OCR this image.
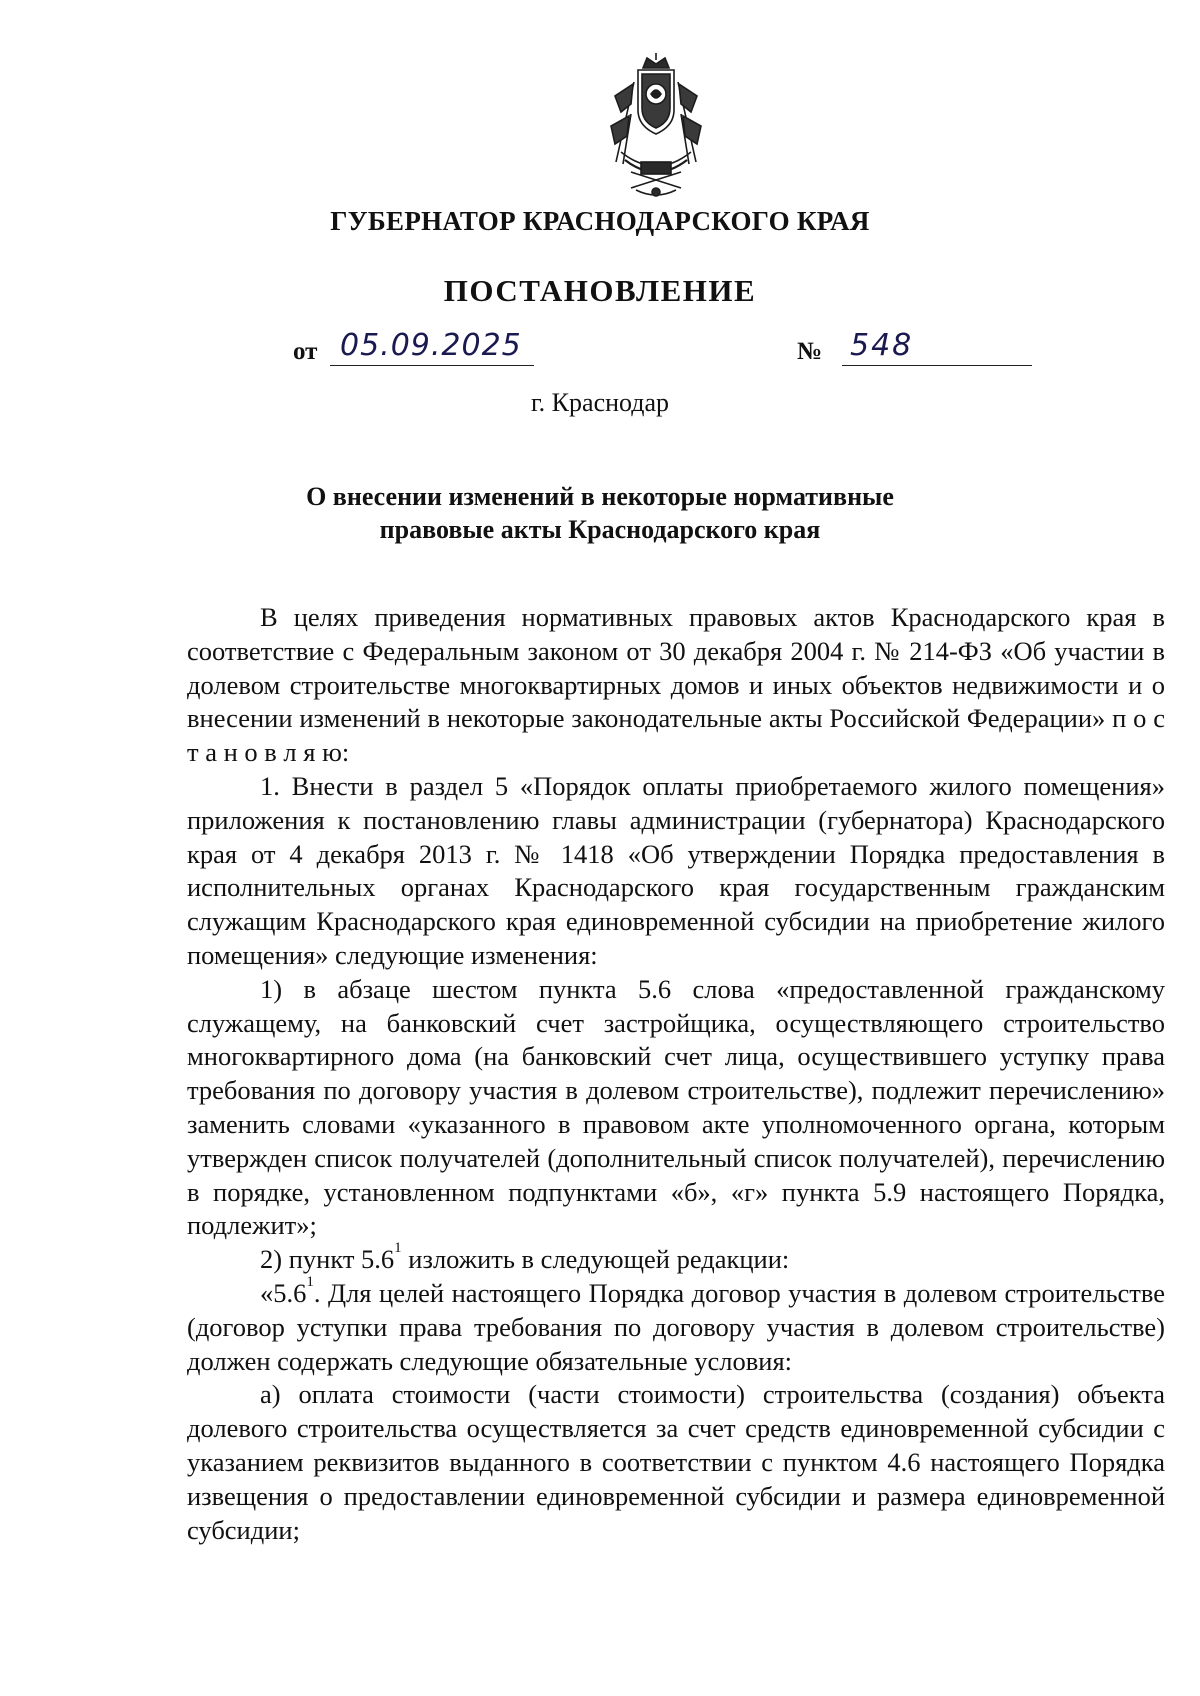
ГУБЕРНАТОР КРАСНОДАРСКОГО КРАЯ
ПОСТАНОВЛЕНИЕ
от 05.09.2025	№ 548
г. Краснодар
О внесении изменений в некоторые нормативные
правовые акты Краснодарского края

В целях приведения нормативных правовых актов Краснодарского края в соответствие с Федеральным законом от 30 декабря 2004 г. № 214-ФЗ «Об участии в долевом строительстве многоквартирных домов и иных объектов недвижимости и о внесении изменений в некоторые законодательные акты Российской Федерации» п о с т а н о в л я ю:

1. Внести в раздел 5 «Порядок оплаты приобретаемого жилого помещения» приложения к постановлению главы администрации (губернатора) Краснодарского края от 4 декабря 2013 г. № 1418 «Об утверждении Порядка предоставления в исполнительных органах Краснодарского края государственным гражданским служащим Краснодарского края единовременной субсидии на приобретение жилого помещения» следующие изменения:

1) в абзаце шестом пункта 5.6 слова «предоставленной гражданскому служащему, на банковский счет застройщика, осуществляющего строительство многоквартирного дома (на банковский счет лица, осуществившего уступку права требования по договору участия в долевом строительстве), подлежит перечислению» заменить словами «указанного в правовом акте уполномоченного органа, которым утвержден список получателей (дополнительный список получателей), перечислению в порядке, установленном подпунктами «б», «г» пункта 5.9 настоящего Порядка, подлежит»;

2) пункт $5.6^1$ изложить в следующей редакции:

«$5.6^1$. Для целей настоящего Порядка договор участия в долевом строительстве (договор уступки права требования по договору участия в долевом строительстве) должен содержать следующие обязательные условия:

а) оплата стоимости (части стоимости) строительства (создания) объекта долевого строительства осуществляется за счет средств единовременной субсидии с указанием реквизитов выданного в соответствии с пунктом 4.6 настоящего Порядка извещения о предоставлении единовременной субсидии и размера единовременной субсидии;
